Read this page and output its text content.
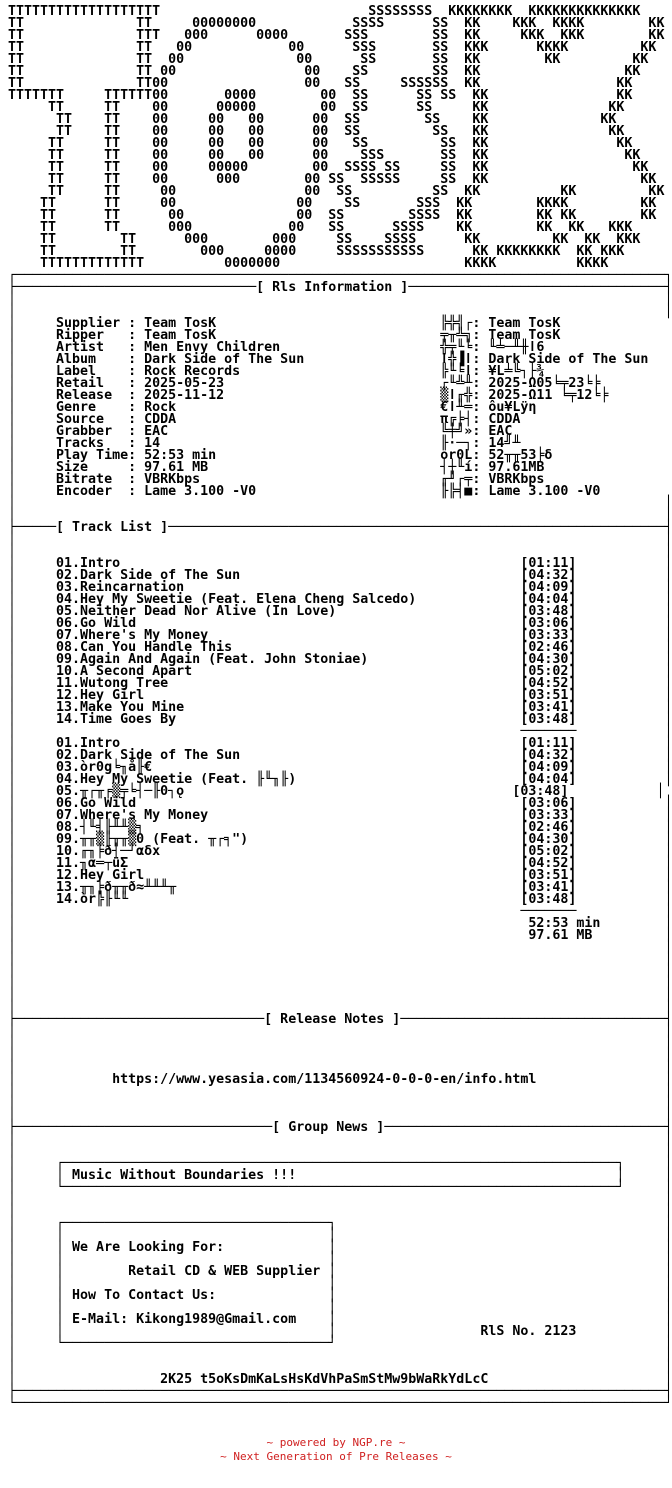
TTTTTTTTTTTTTTTTTTT                          SSSSSSSS  KKKKKKKK  KKKKKKKKKKKKKK
TT              TT     00000000            SSSS      SS  KK    KKK  KKKK        KK
TT              TTT   000      0000       SSS        SS  KK     KKK  KKK        KK
TT              TT   00            00      SSS       SS  KKK      KKKK         KK
TT              TT  00              00      SS       SS  KK        KK         KK
TT              TT 00                00    SS        SS  KK                  KK
TT              TT00                 00   SS     SSSSSS  KK                 KK
TTTTTTT     TTTTTT00       0000        00  SS      SS SS  KK                KK
TT     TT    00      00000        00  SS      SS     KK               KK
TT    TT    00     00   00      00  SS        SS    KK              KK
TT    TT    00     00   00      00  SS         SS   KK               KK
TT     TT    00     00   00      00   SS         SS  KK                KK
TT     TT    00     00   00      00    SSS       SS  KK                 KK
TT     TT    00     00000        00  SSSS SS     SS  KK                  KK
TT     TT    00      000        00 SS  SSSSS     SS  KK                   KK
TT     TT     00                00  SS          SS  KK          KK         KK
TT      TT     00               00    SS       SSS  KK        KKKK         KK
TT      TT      00              00  SS        SSSS  KK        KK KK        KK
TT      TT      000            00   SS      SSSS    KK        KK  KK   KKK
TT        TT      000        000     SS    SSSS      KK         KK  KK  KKK
TT        TT        000     0000     SSSSSSSSSSS      KK KKKKKKKK  KK KKK
TTTTTTTTTTTTT          0000000                       KKKK          KKKK
┌─────────────────────────────────────────────────────────────────────────────────┐
├──────────────────────────────[ Rls Information ]────────────────────────────────┤
│                                                                                 │
│                                                                                 │
│     Supplier : Team TosK                            ╠╬╣┌: Team TosK
│     Ripper   : Team TosK                            ╤╥╩╗: Team TosK
│     Artist   : Men Envy Children                    ╬╤╙╘: ╙╧─╨╫ǀ6
│     Album    : Dark Side of The Sun                 ǀ╬▐ǀ: Dark Side of The Sun
│     Label    : Rock Records                         ╠╙╘ǀ: ¥L╧╚┐├¾
│     Retail   : 2025-05-23                           ┌╙╩╨: 2025-Ω05╘╤23╘╞
│     Release  : 2025-11-12                           ▒ǀ╓╬: 2025-Ω11 ╘╤12╘╞
│     Genre    : Rock                                 €ǀ╨═: ôu¥Lÿη
│     Source   : CDDA                                 π╔╞┤: CDDA
│     Grabber  : EAC                                  ╚╪╝»: EAC
│     Tracks   : 14                                   ╟·─┐: 14╝╨
│     Play Time: 52:53 min                            or0L: 52╥╥53╞δ
│     Size     : 97.61 MB                             ┤┼╙í: 97.61MB
│     Bitrate  : VBRKbps                              ╓╜┌╤: VBRKbps
│     Encoder  : Lame 3.100 -V0                       ╟╠╡■: Lame 3.100 -V0
│                                                                                 │
│                                                                                 │
├─────[ Track List ]──────────────────────────────────────────────────────────────┤
│                                                                                 │
│                                                                                 │
│     01.Intro                                                  [01:11]           │
│     02.Dark Side of The Sun                                   [04:32]           │
│     03.Reincarnation                                          [04:09]           │
│     04.Hey My Sweetie (Feat. Elena Cheng Salcedo)             [04:04]           │
│     05.Neither Dead Nor Alive (In Love)                       [03:48]           │
│     06.Go Wild                                                [03:06]           │
│     07.Where's My Money                                       [03:33]           │
│     08.Can You Handle This                                    [02:46]           │
│     09.Again And Again (Feat. John Stoniae)                   [04:30]           │
│     10.A Second Apart                                         [05:02]           │
│     11.Wutong Tree                                            [04:52]           │
│     12.Hey Girl                                               [03:51]           │
│     13.Make You Mine                                          [03:41]           │
│     14.Time Goes By                                           [03:48]           │
│                                                               ───────           │
│     01.Intro                                                  [01:11]           │
│     02.Dark Side of The Sun                                   [04:32]           │
│     03.òr0g╘╖å╟€                                              [04:09]           │
│     04.Hey My Sweetie (Feat. ╟╙╖╟)                            [04:04]           │
│     05.╥┌╥╒▒╤╘┤─╟0┐ǫ                                         [03:48]           │
│     06.Go Wild                                                [03:06]           │
│     07.Where's My Money                                       [03:33]           │
│     08.┤╙╡╟╨╨▒╕                                               [02:46]           │
│     09.╥╥▒╟╥╥▒0 (Feat. ╥┌╕")                                  [04:30]           │
│     10.╓╖╞ð┤─┘αδx                                             [05:02]           │
│     11.╖α═┬üΣ                                                 [04:52]           │
│     12.Hey Girl                                               [03:51]           │
│     13.╥╖╞ð╥╥ð≈╨╨╨╥                                           [03:41]           │
│     14.òr╠╟╙╙                                                 [03:48]           │
│                                                               ───────           │
│                                                                52:53 min        │
│                                                                97.61 MB         │
│                                                                                 │
│                                                                                 │
│                                                                                 │
│                                                                                 │
│                                                                                 │
│                                                                                 │
├───────────────────────────────[ Release Notes ]─────────────────────────────────┤
│                                                                                 │
│                                                                                 │
│                                                                                 │
│                                                                                 │
│            https://www.yesasia.com/1134560924-0-0-0-en/info.html                │
│                                                                                 │
│                                                                                 │
│                                                                                 │
├────────────────────────────────[ Group News ]───────────────────────────────────┤
│                                                                                 │
│                                                                                 │
│     ┌─────────────────────────────────────────────────────────────────────┐     │
│     │ Music Without Boundaries !!!                                        │     │
│     └─────────────────────────────────────────────────────────────────────┘     │
│                                                                                 │
│                                                                                 │
│     ┌─────────────────────────────────┐                                         │
│     │                                 │                                         │
│     │ We Are Looking For:             │                                         │
│     │                                 │                                         │
│     │        Retail CD & WEB Supplier │                                         │
│     │                                 │                                         │
│     │ How To Contact Us:              │                                         │
│     │                                 │                                         │
│     │ E-Mail: Kikong1989@Gmail.com    │                                         │
│     │                                 │                  RlS No. 2123           │
│     └─────────────────────────────────┘                                         │
│                                                                                 │
│                                                                                 │
│                  2K25 t5oKsDmKaLsHsKdVhPaSmStMw9bWaRkYdLcC                      │
├─────────────────────────────────────────────────────────────────────────────────┤
└─────────────────────────────────────────────────────────────────────────────────┘

~ powered by NGP.re ~
~ Next Generation of Pre Releases ~
